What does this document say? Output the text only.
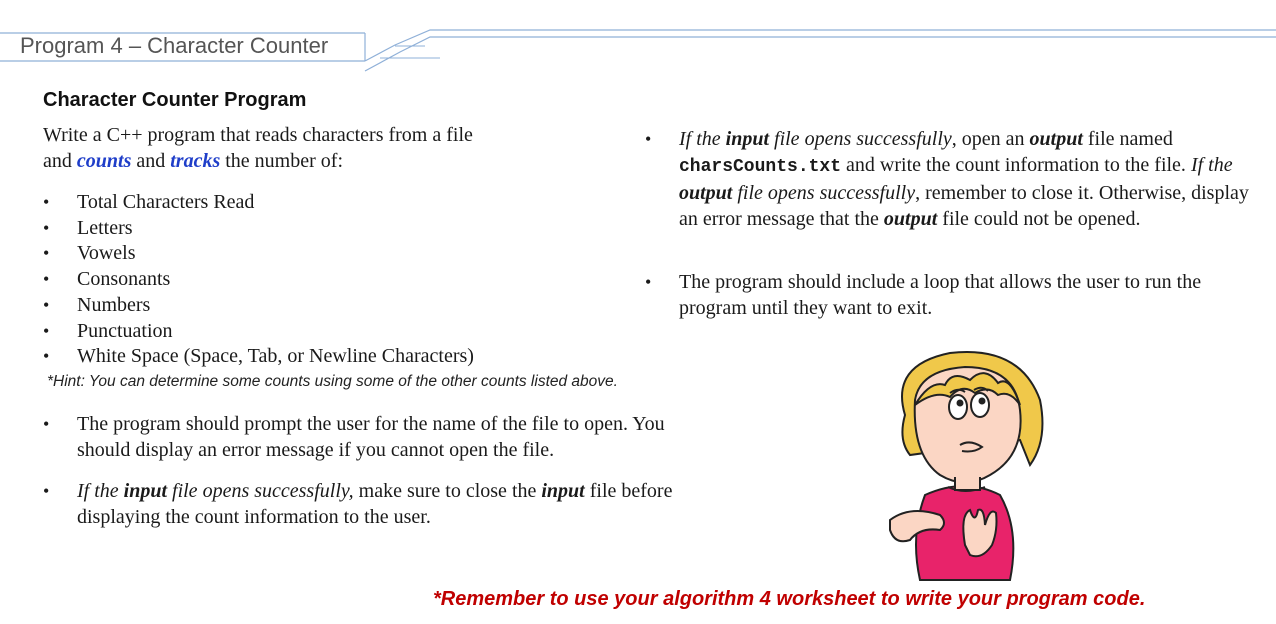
Program 4 – Character Counter
Character Counter Program
Write a C++ program that reads characters from a file
and counts and tracks the number of:
• Total Characters Read
• Letters
• Vowels
• Consonants
• Numbers
• Punctuation
• White Space (Space, Tab, or Newline Characters)
*Hint: You can determine some counts using some of the other counts listed above.
• The program should prompt the user for the name of the file to open. You should display an error message if you cannot open the file.
• If the input file opens successfully, make sure to close the input file before displaying the count information to the user.
• If the input file opens successfully, open an output file named charsCounts.txt and write the count information to the file. If the output file opens successfully, remember to close it. Otherwise, display an error message that the output file could not be opened.
• The program should include a loop that allows the user to run the program until they want to exit.
*Remember to use your algorithm 4 worksheet to write your program code.
